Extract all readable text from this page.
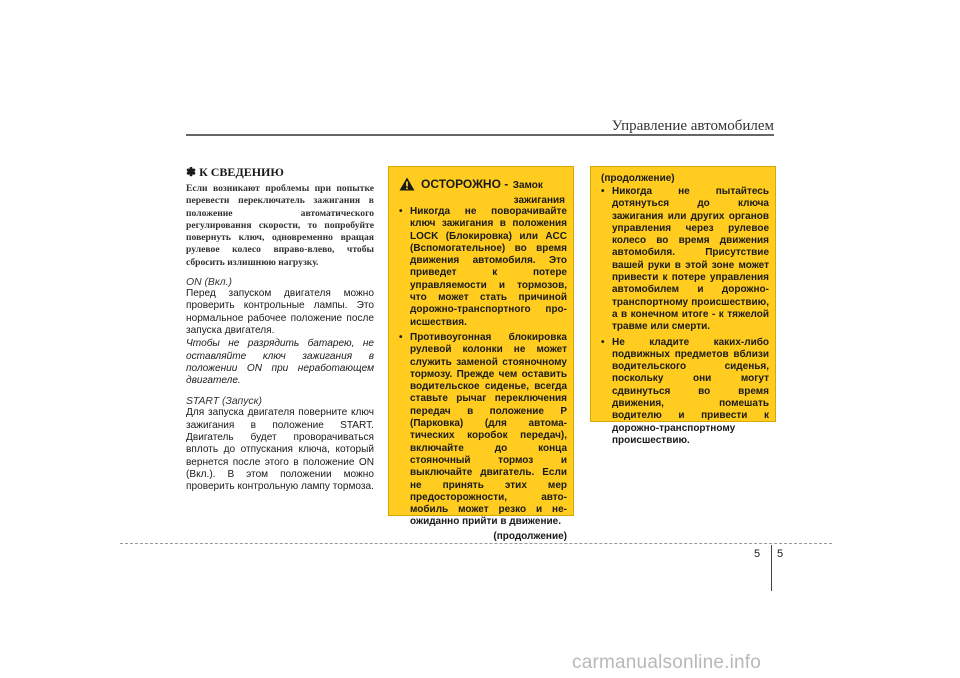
Управление автомобилем
✽ К СВЕДЕНИЮ

Если возникают проблемы при попытке перевести переключатель зажигания в положение автоматического регулирования скорости, то попробуйте повернуть ключ, одновременно вращая рулевое колесо вправо-влево, чтобы сбросить излишнюю нагрузку.

ON (Вкл.)

Перед запуском двигателя можно проверить контрольные лампы. Это нормальное рабочее положение после запуска двигателя.

Чтобы не разрядить батарею, не оставляйте ключ зажигания в положении ON при неработающем двигателе.

START (Запуск)

Для запуска двигателя поверните ключ зажигания в положение START. Двигатель будет проворачиваться вплоть до отпускания ключа, который вернется после этого в положение ON (Вкл.). В этом положении можно проверить контрольную лампу тормоза.

ОСТОРОЖНО - Замок
зажигания
• Никогда не поворачивайте ключ зажигания в положения LOCK (Блокировка) или ACC (Вспомогательное) во время движения автомобиля. Это приведет к потере управляемости и тормозов, что может стать причиной дорожно-транспортного про-исшествия.
• Противоугонная блокировка рулевой колонки не может служить заменой стояночному тормозу. Прежде чем оставить водительское сиденье, всегда ставьте рычаг переключения передач в положение P (Парковка) (для автома-тических коробок передач), включайте до конца стояночный тормоз и выключайте двигатель. Если не принять этих мер предосторожности, авто-мобиль может резко и не-ожиданно прийти в движение.
(продолжение)
(продолжение)
• Никогда не пытайтесь дотянуться до ключа зажигания или других органов управления через рулевое колесо во время движения автомобиля. Присутствие вашей руки в этой зоне может привести к потере управления автомобилем и дорожно-транспортному происшествию, а в конечном итоге - к тяжелой травме или смерти.
• Не кладите каких-либо подвижных предметов вблизи водительского сиденья, поскольку они могут сдвинуться во время движения, помешать водителю и привести к дорожно-транспортному происшествию.
5 5
carmanualsonline.info
